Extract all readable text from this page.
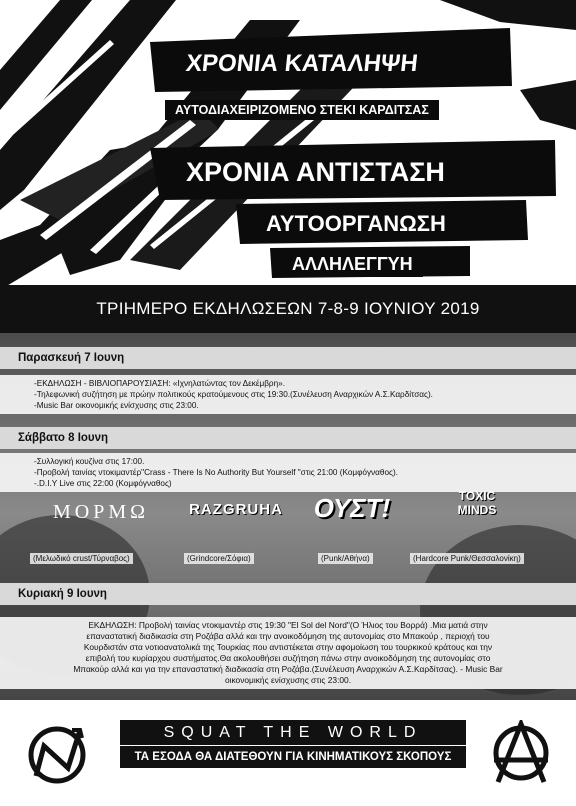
ΧΡΟΝΙΑ ΚΑΤΑΛΗΨΗ
ΑΥΤΟΔΙΑΧΕΙΡΙΖΟΜΕΝΟ ΣΤΕΚΙ ΚΑΡΔΙΤΣΑΣ
ΧΡΟΝΙΑ ΑΝΤΙΣΤΑΣΗ
ΑΥΤΟΟΡΓΑΝΩΣΗ
ΑΛΛΗΛΕΓΓΥΗ
ΤΡΙΗΜΕΡΟ ΕΚΔΗΛΩΣΕΩΝ 7-8-9 ΙΟΥΝΙΟΥ 2019
Παρασκευή 7 Ιουνη
-ΕΚΔΗΛΩΣΗ - ΒΙΒΛΙΟΠΑΡΟΥΣΙΑΣΗ: «Ιχνηλατώντας τον Δεκέμβρη».
-Τηλεφωνική συζήτηση με πρώην πολιτικούς κρατούμενους στις 19:30.(Συνέλευση Αναρχικών Α.Σ.Καρδίτσας).
-Music Bar οικονομικής ενίσχυσης στις 23:00.
Σάββατο 8 Ιουνη
-Συλλογική κουζίνα στις 17:00.
-Προβολή ταινίας ντοκιμαντέρ"Crass - There Is No Authority But Yourself "στις 21:00 (Κομφόγναθος).
-.D.I.Y Live στις 22:00 (Κομφόγναθος)
ΜΟΡΜΩ	RAZGRUHA	ΟΥΣΤ!	TOXIC MINDS
(Μελωδικό crust/Τύρναβος)	(Grindcore/Σόφια)	(Punk/Αθήνα)	(Hardcore Punk/Θεσσαλονίκη)
Κυριακή 9 Ιουνη
ΕΚΔΗΛΩΣΗ: Προβολή ταινίας ντοκιμαντέρ στις 19:30 "El Sol del Nord"(Ο Ήλιος του Βορρά) .Μια ματιά στην
επαναστατική διαδικασία στη Ροζάβα αλλά και την ανοικοδόμηση της αυτονομίας στο Μπακούρ , περιοχή του
Κουρδιστάν στα νοτιοανατολικά της Τουρκίας που αντιστέκεται στην αφομοίωση του τουρκικού κράτους και την
επιβολή του κυρίαρχου συστήματος.Θα ακολουθήσει συζήτηση πάνω στην ανοικοδόμηση της αυτονομίας στο
Μπακούρ αλλά και για την επαναστατική διαδικασία στη Ροζάβα.(Συνέλευση Αναρχικών Α.Σ.Καρδίτσας). - Music Bar
οικονομικής ενίσχυσης στις 23:00.
SQUAT THE WORLD
ΤΑ ΕΣΟΔΑ ΘΑ ΔΙΑΤΕΘΟΥΝ ΓΙΑ ΚΙΝΗΜΑΤΙΚΟΥΣ ΣΚΟΠΟΥΣ
